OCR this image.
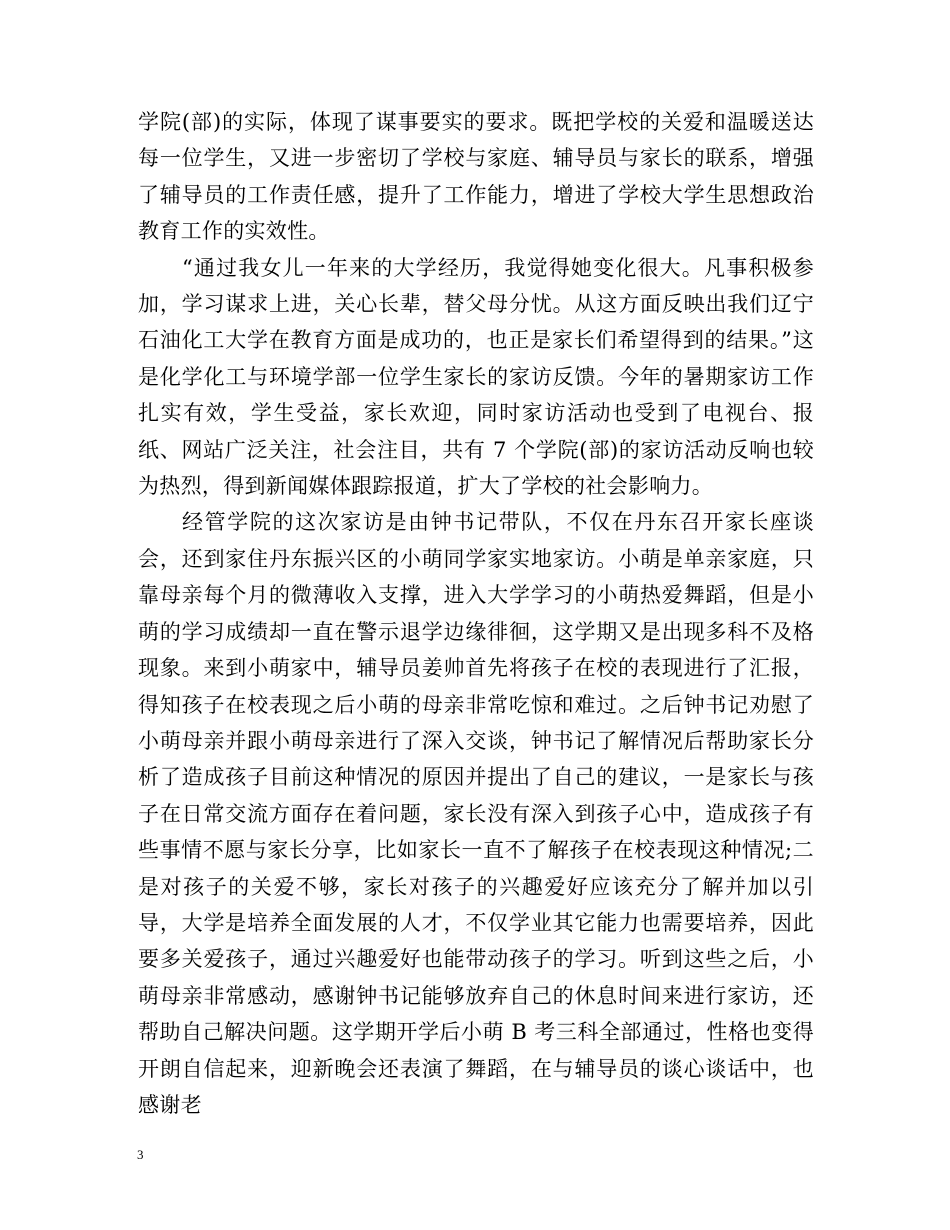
学院(部)的实际，体现了谋事要实的要求。既把学校的关爱和温暖送达每一位学生，又进一步密切了学校与家庭、辅导员与家长的联系，增强了辅导员的工作责任感，提升了工作能力，增进了学校大学生思想政治教育工作的实效性。

“通过我女儿一年来的大学经历，我觉得她变化很大。凡事积极参加，学习谋求上进，关心长辈，替父母分忧。从这方面反映出我们辽宁石油化工大学在教育方面是成功的，也正是家长们希望得到的结果。”这是化学化工与环境学部一位学生家长的家访反馈。今年的暑期家访工作扎实有效，学生受益，家长欢迎，同时家访活动也受到了电视台、报纸、网站广泛关注，社会注目，共有 7 个学院(部)的家访活动反响也较为热烈，得到新闻媒体跟踪报道，扩大了学校的社会影响力。

经管学院的这次家访是由钟书记带队，不仅在丹东召开家长座谈会，还到家住丹东振兴区的小萌同学家实地家访。小萌是单亲家庭，只靠母亲每个月的微薄收入支撑，进入大学学习的小萌热爱舞蹈，但是小萌的学习成绩却一直在警示退学边缘徘徊，这学期又是出现多科不及格现象。来到小萌家中，辅导员姜帅首先将孩子在校的表现进行了汇报，得知孩子在校表现之后小萌的母亲非常吃惊和难过。之后钟书记劝慰了小萌母亲并跟小萌母亲进行了深入交谈，钟书记了解情况后帮助家长分析了造成孩子目前这种情况的原因并提出了自己的建议，一是家长与孩子在日常交流方面存在着问题，家长没有深入到孩子心中，造成孩子有些事情不愿与家长分享，比如家长一直不了解孩子在校表现这种情况;二是对孩子的关爱不够，家长对孩子的兴趣爱好应该充分了解并加以引导，大学是培养全面发展的人才，不仅学业其它能力也需要培养，因此要多关爱孩子，通过兴趣爱好也能带动孩子的学习。听到这些之后，小萌母亲非常感动，感谢钟书记能够放弃自己的休息时间来进行家访，还帮助自己解决问题。这学期开学后小萌 B 考三科全部通过，性格也变得开朗自信起来，迎新晚会还表演了舞蹈，在与辅导员的谈心谈话中，也感谢老

3
